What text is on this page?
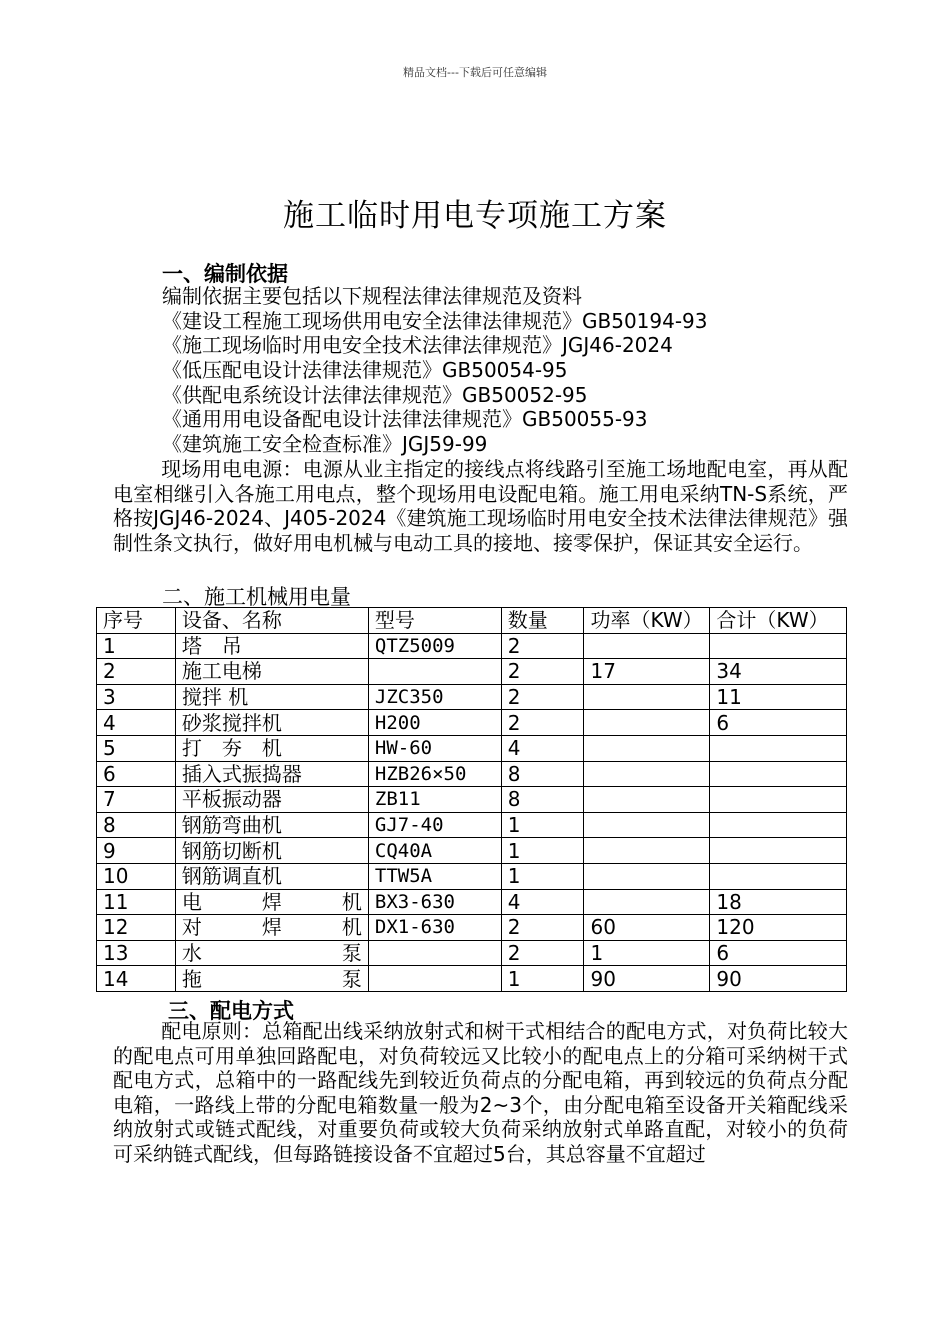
精品文档---下载后可任意编辑
施工临时用电专项施工方案
一、编制依据
编制依据主要包括以下规程法律法律规范及资料
《建设工程施工现场供用电安全法律法律规范》GB50194-93
《施工现场临时用电安全技术法律法律规范》JGJ46-2024
《低压配电设计法律法律规范》GB50054-95
《供配电系统设计法律法律规范》GB50052-95
《通用用电设备配电设计法律法律规范》GB50055-93
《建筑施工安全检查标准》JGJ59-99

现场用电电源：电源从业主指定的接线点将线路引至施工场地配电室，再从配电室相继引入各施工用电点，整个现场用电设配电箱。施工用电采纳TN-S系统，严格按JGJ46-2024、J405-2024《建筑施工现场临时用电安全技术法律法律规范》强制性条文执行，做好用电机械与电动工具的接地、接零保护，保证其安全运行。

二、施工机械用电量
序号	设备、名称	型号	数量	功率（KW）	合计（KW）
1	塔　吊	QTZ5009	2		
2	施工电梯		2	17	34
3	搅拌 机	JZC350	2		11
4	砂浆搅拌机	H200	2		6
5	打　夯　机	HW-60	4		
6	插入式振捣器	HZB26×50	8		
7	平板振动器	ZB11	8		
8	钢筋弯曲机	GJ7-40	1		
9	钢筋切断机	CQ40A	1		
10	钢筋调直机	TTW5A	1		
11	电　　　焊　　　机	BX3-630	4		18
12	对　　　焊　　　机	DX1-630	2	60	120
13	水　　　　　　　泵		2	1	6
14	拖　　　　　　　泵		1	90	90
三、配电方式

配电原则：总箱配出线采纳放射式和树干式相结合的配电方式，对负荷比较大的配电点可用单独回路配电，对负荷较远又比较小的配电点上的分箱可采纳树干式配电方式，总箱中的一路配线先到较近负荷点的分配电箱，再到较远的负荷点分配电箱，一路线上带的分配电箱数量一般为2~3个，由分配电箱至设备开关箱配线采纳放射式或链式配线，对重要负荷或较大负荷采纳放射式单路直配，对较小的负荷可采纳链式配线，但每路链接设备不宜超过5台，其总容量不宜超过
